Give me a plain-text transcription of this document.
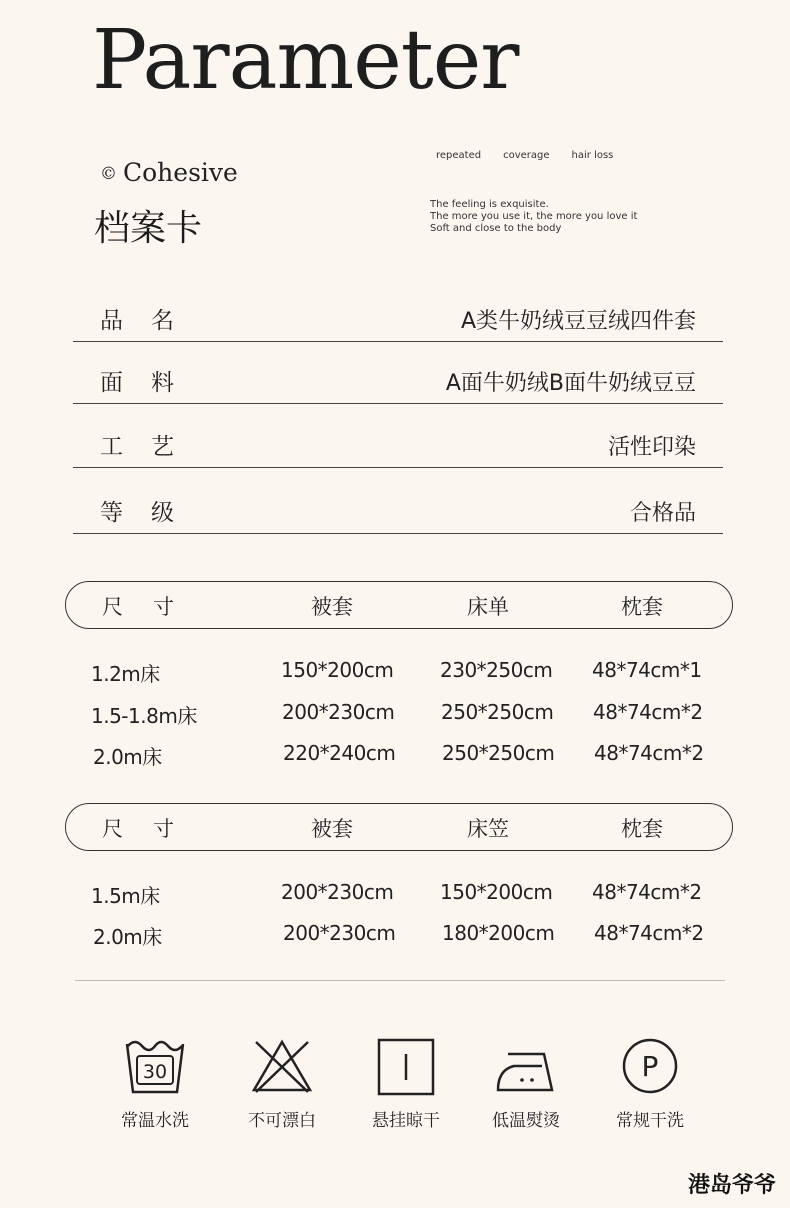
Parameter
© Cohesive
档案卡
repeated coverage hair loss
The feeling is exquisite.
The more you use it, the more you love it
Soft and close to the body
品名	A类牛奶绒豆豆绒四件套
面料	A面牛奶绒B面牛奶绒豆豆
工艺	活性印染
等级	合格品
尺寸	被套	床单	枕套
1.2m床	150*200cm 230*250cm 48*74cm*1
1.5-1.8m床	200*230cm 250*250cm 48*74cm*2
2.0m床	220*240cm 250*250cm 48*74cm*2
尺寸	被套	床笠	枕套
1.5m床	200*230cm 150*200cm 48*74cm*2
2.0m床	200*230cm 180*200cm 48*74cm*2
30
常温水洗	不可漂白	悬挂晾干	低温熨烫
P
常规干洗
港岛爷爷
